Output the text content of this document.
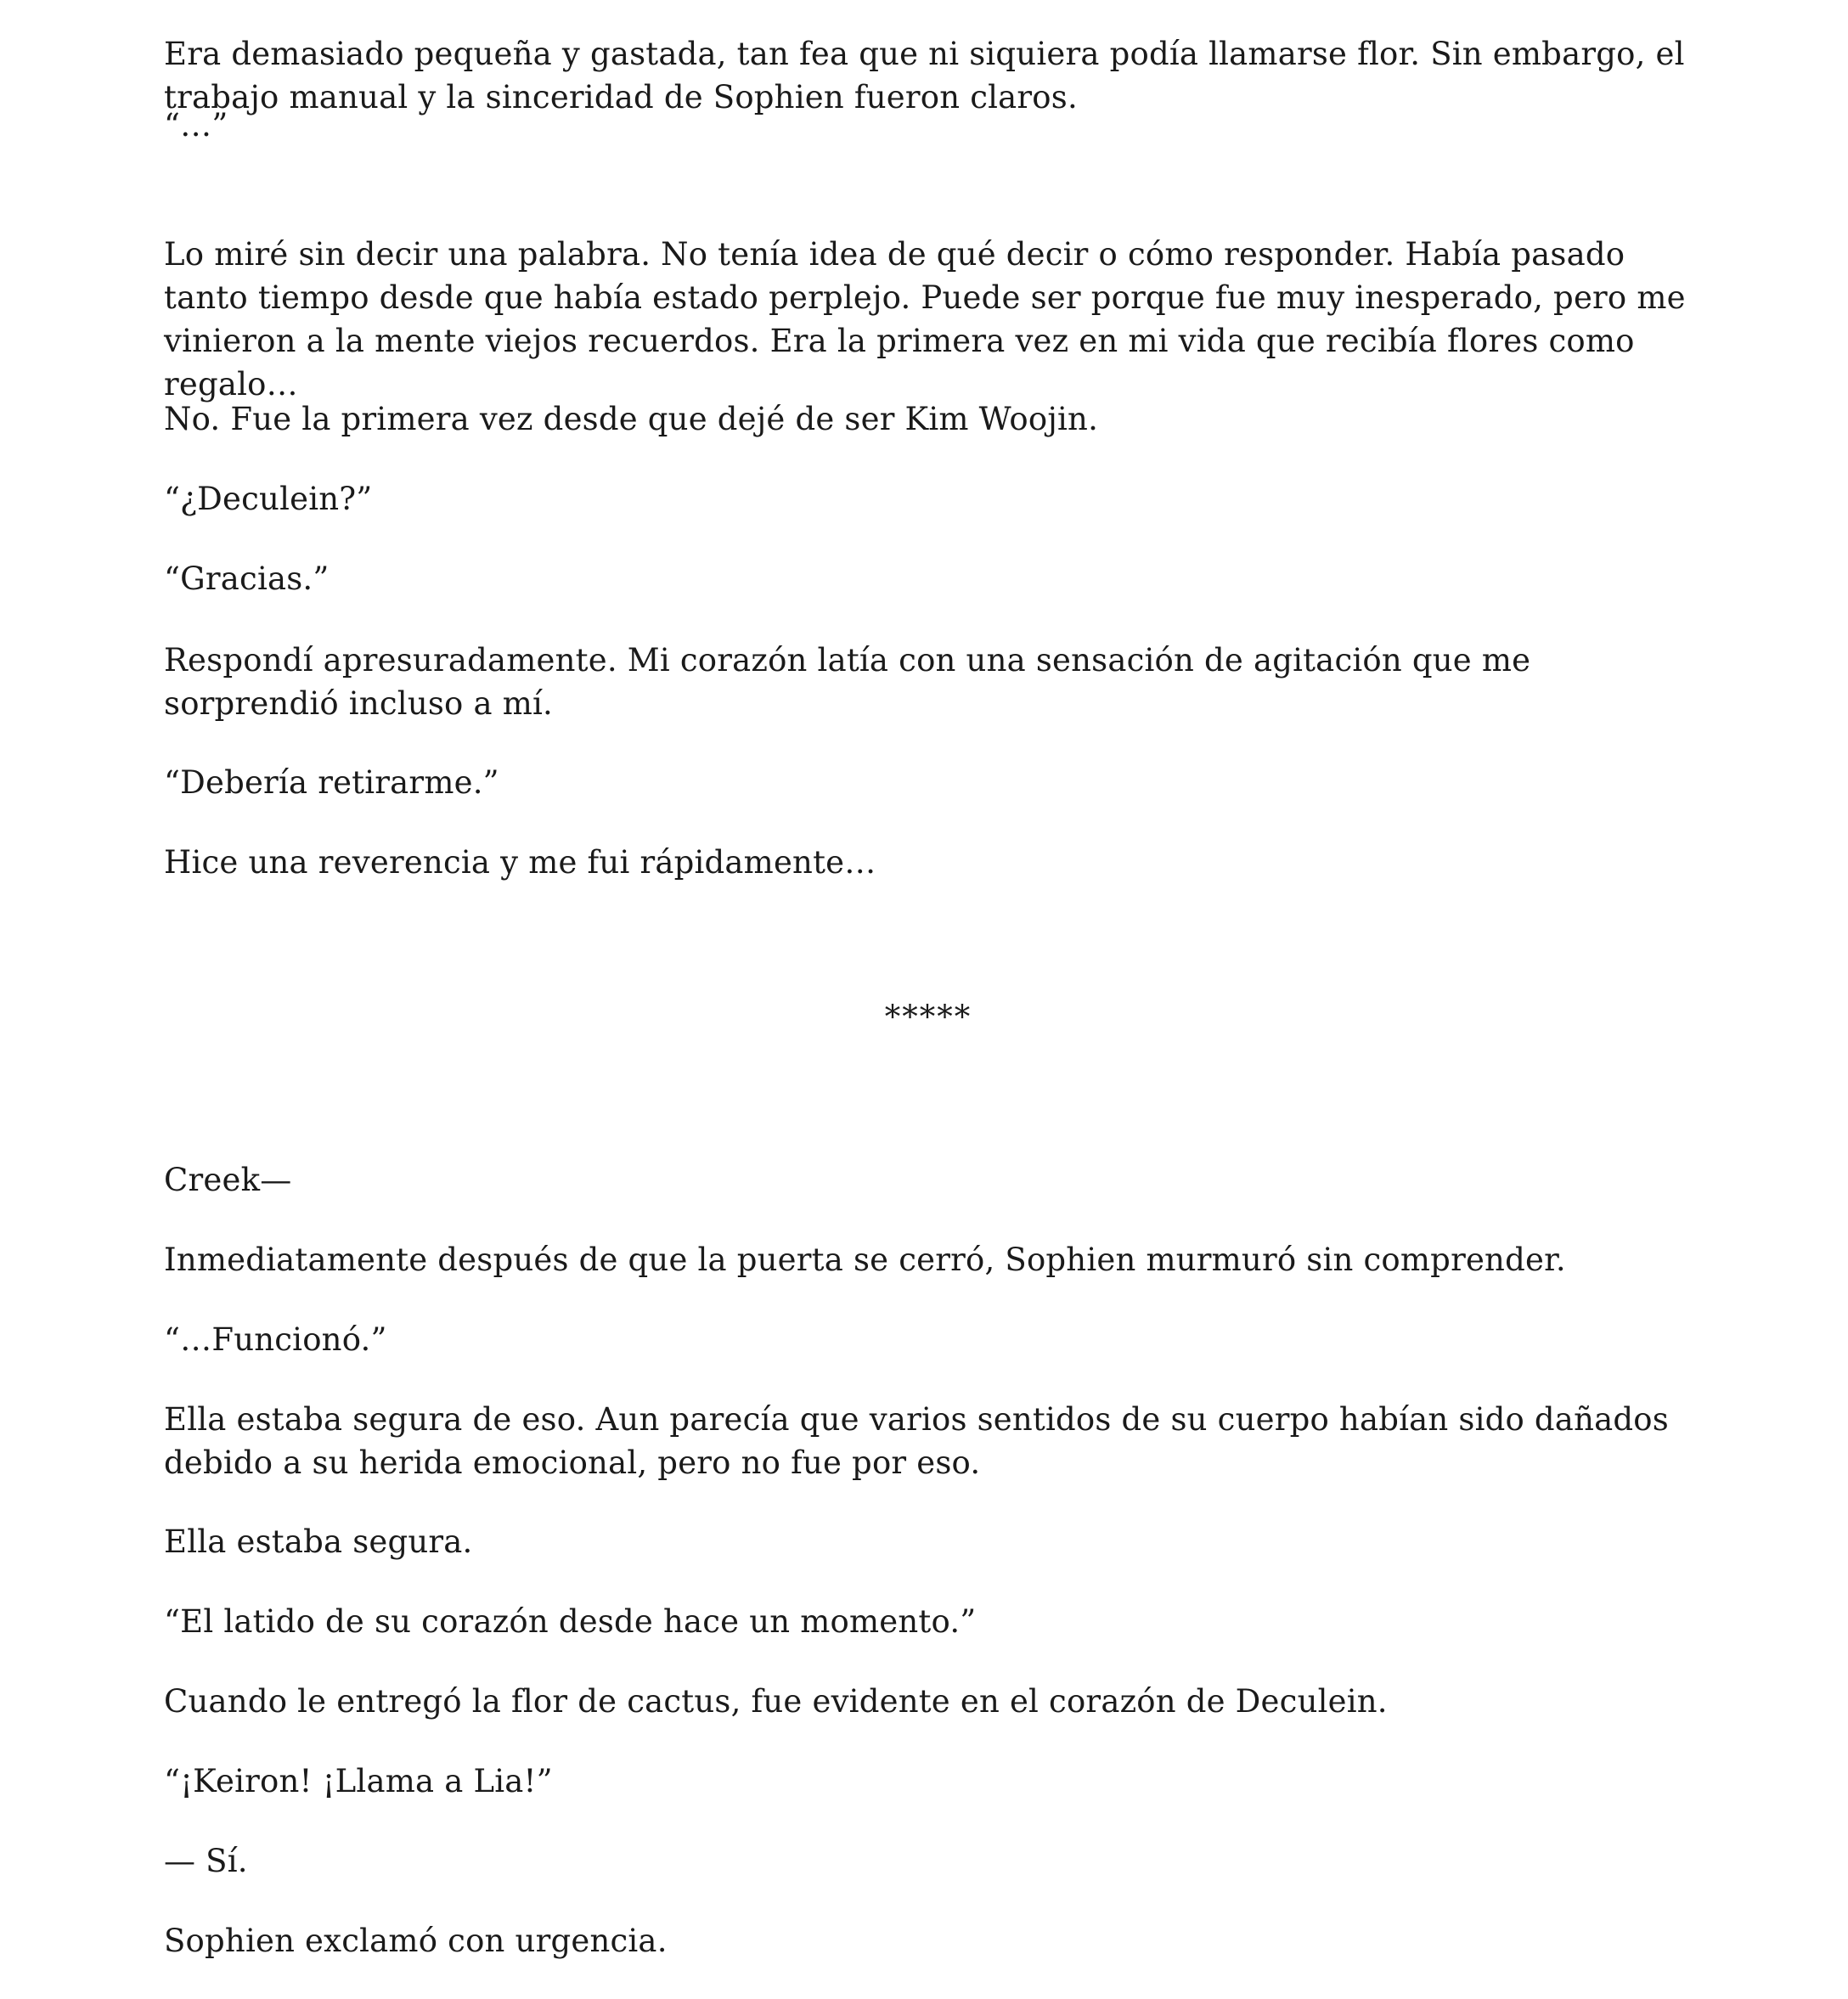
Era demasiado pequeña y gastada, tan fea que ni siquiera podía llamarse flor. Sin embargo, el trabajo manual y la sinceridad de Sophien fueron claros.

“…”

Lo miré sin decir una palabra. No tenía idea de qué decir o cómo responder. Había pasado tanto tiempo desde que había estado perplejo. Puede ser porque fue muy inesperado, pero me vinieron a la mente viejos recuerdos. Era la primera vez en mi vida que recibía flores como regalo…

No. Fue la primera vez desde que dejé de ser Kim Woojin.

“¿Deculein?”

“Gracias.”

Respondí apresuradamente. Mi corazón latía con una sensación de agitación que me sorprendió incluso a mí.

“Debería retirarme.”

Hice una reverencia y me fui rápidamente…

*****

Creek—

Inmediatamente después de que la puerta se cerró, Sophien murmuró sin comprender.

“…Funcionó.”

Ella estaba segura de eso. Aun parecía que varios sentidos de su cuerpo habían sido dañados debido a su herida emocional, pero no fue por eso.

Ella estaba segura.

“El latido de su corazón desde hace un momento.”

Cuando le entregó la flor de cactus, fue evidente en el corazón de Deculein.

“¡Keiron! ¡Llama a Lia!”

— Sí.

Sophien exclamó con urgencia.
